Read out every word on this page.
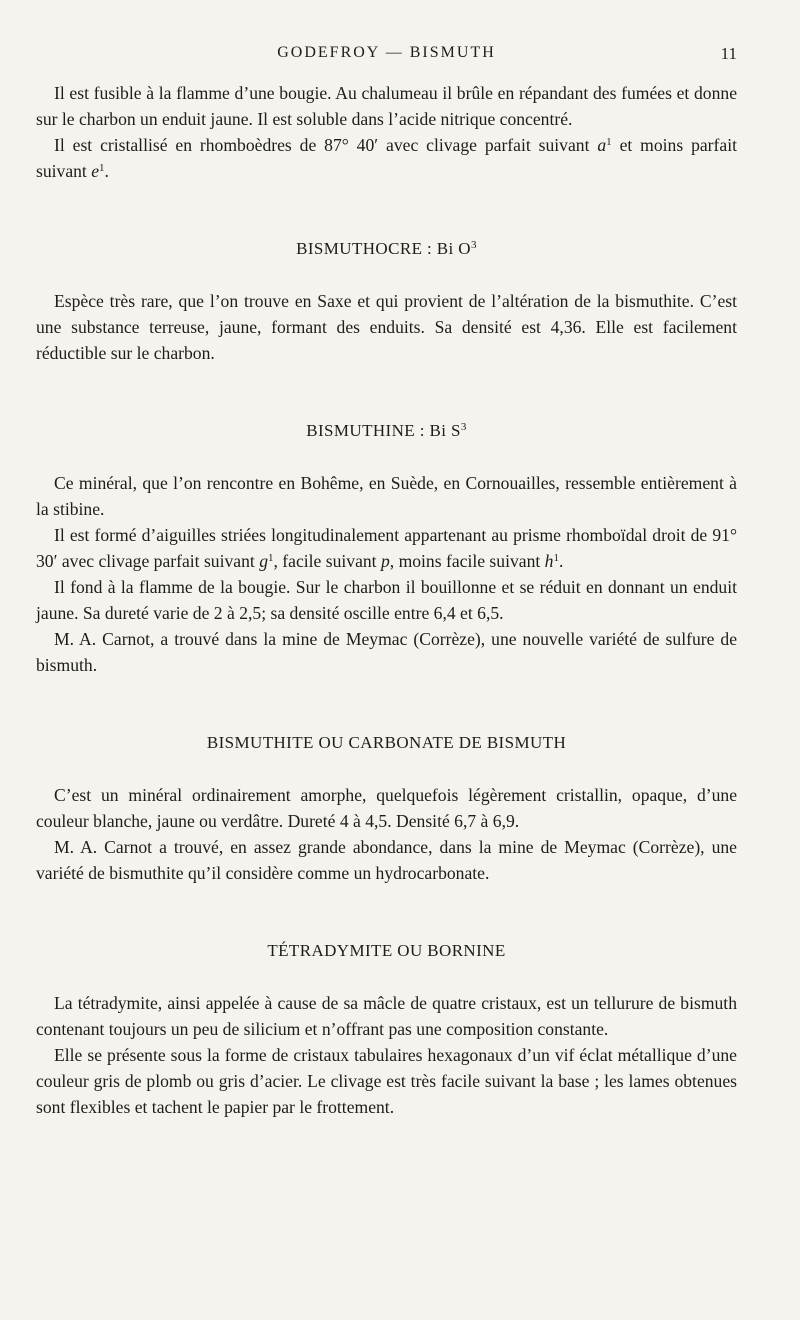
GODEFROY — BISMUTH	11

Il est fusible à la flamme d’une bougie. Au chalumeau il brûle en répandant des fumées et donne sur le charbon un enduit jaune. Il est soluble dans l’acide nitrique concentré.

Il est cristallisé en rhomboèdres de 87° 40′ avec clivage parfait suivant $a^1$ et moins parfait suivant $e^1$.

BISMUTHOCRE : Bi $O^3$

Espèce très rare, que l’on trouve en Saxe et qui provient de l’altération de la bismuthite. C’est une substance terreuse, jaune, formant des enduits. Sa densité est 4,36. Elle est facilement réductible sur le charbon.

BISMUTHINE : Bi $S^3$

Ce minéral, que l’on rencontre en Bohême, en Suède, en Cornouailles, ressemble entièrement à la stibine.

Il est formé d’aiguilles striées longitudinalement appartenant au prisme rhomboïdal droit de 91° 30′ avec clivage parfait suivant $g^1$, facile suivant p, moins facile suivant $h^1$.

Il fond à la flamme de la bougie. Sur le charbon il bouillonne et se réduit en donnant un enduit jaune. Sa dureté varie de 2 à 2,5; sa densité oscille entre 6,4 et 6,5.

M. A. Carnot, a trouvé dans la mine de Meymac (Corrèze), une nouvelle variété de sulfure de bismuth.

BISMUTHITE OU CARBONATE DE BISMUTH

C’est un minéral ordinairement amorphe, quelquefois légèrement cristallin, opaque, d’une couleur blanche, jaune ou verdâtre. Dureté 4 à 4,5. Densité 6,7 à 6,9.

M. A. Carnot a trouvé, en assez grande abondance, dans la mine de Meymac (Corrèze), une variété de bismuthite qu’il considère comme un hydrocarbonate.

TÉTRADYMITE OU BORNINE

La tétradymite, ainsi appelée à cause de sa mâcle de quatre cristaux, est un tellurure de bismuth contenant toujours un peu de silicium et n’offrant pas une composition constante.

Elle se présente sous la forme de cristaux tabulaires hexagonaux d’un vif éclat métallique d’une couleur gris de plomb ou gris d’acier. Le clivage est très facile suivant la base ; les lames obtenues sont flexibles et tachent le papier par le frottement.
